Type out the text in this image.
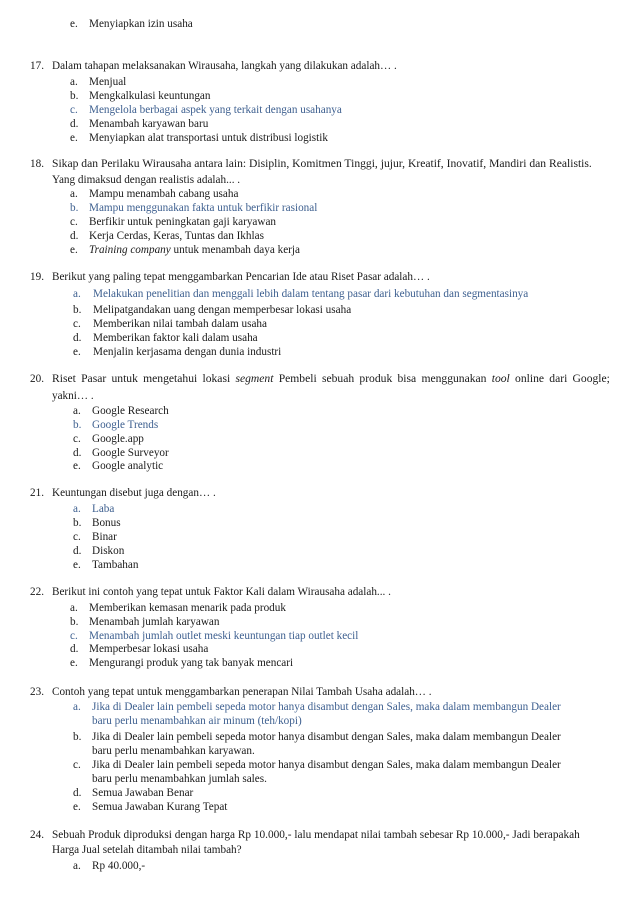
e. Menyiapkan izin usaha
17. Dalam tahapan melaksanakan Wirausaha, langkah yang dilakukan adalah… .
a. Menjual
b. Mengkalkulasi keuntungan
c. Mengelola berbagai aspek yang terkait dengan usahanya
d. Menambah karyawan baru
e. Menyiapkan alat transportasi untuk distribusi logistik
18. Sikap dan Perilaku Wirausaha antara lain: Disiplin, Komitmen Tinggi, jujur, Kreatif, Inovatif, Mandiri dan Realistis.
Yang dimaksud dengan realistis adalah... .
a. Mampu menambah cabang usaha
b. Mampu menggunakan fakta untuk berfikir rasional
c. Berfikir untuk peningkatan gaji karyawan
d. Kerja Cerdas, Keras, Tuntas dan Ikhlas
e. Training company untuk menambah daya kerja
19. Berikut yang paling tepat menggambarkan Pencarian Ide atau Riset Pasar adalah… .
a. Melakukan penelitian dan menggali lebih dalam tentang pasar dari kebutuhan dan segmentasinya
b. Melipatgandakan uang dengan memperbesar lokasi usaha
c. Memberikan nilai tambah dalam usaha
d. Memberikan faktor kali dalam usaha
e. Menjalin kerjasama dengan dunia industri
20. Riset Pasar untuk mengetahui lokasi segment Pembeli sebuah produk bisa menggunakan tool online dari Google;
yakni… .
a. Google Research
b. Google Trends
c. Google.app
d. Google Surveyor
e. Google analytic
21. Keuntungan disebut juga dengan… .
a. Laba
b. Bonus
c. Binar
d. Diskon
e. Tambahan
22. Berikut ini contoh yang tepat untuk Faktor Kali dalam Wirausaha adalah... .
a. Memberikan kemasan menarik pada produk
b. Menambah jumlah karyawan
c. Menambah jumlah outlet meski keuntungan tiap outlet kecil
d. Memperbesar lokasi usaha
e. Mengurangi produk yang tak banyak mencari
23. Contoh yang tepat untuk menggambarkan penerapan Nilai Tambah Usaha adalah… .
a. Jika di Dealer lain pembeli sepeda motor hanya disambut dengan Sales, maka dalam membangun Dealer
baru perlu menambahkan air minum (teh/kopi)
b. Jika di Dealer lain pembeli sepeda motor hanya disambut dengan Sales, maka dalam membangun Dealer
baru perlu menambahkan karyawan.
c. Jika di Dealer lain pembeli sepeda motor hanya disambut dengan Sales, maka dalam membangun Dealer
baru perlu menambahkan jumlah sales.
d. Semua Jawaban Benar
e. Semua Jawaban Kurang Tepat
24. Sebuah Produk diproduksi dengan harga Rp 10.000,- lalu mendapat nilai tambah sebesar Rp 10.000,- Jadi berapakah
Harga Jual setelah ditambah nilai tambah?
a. Rp 40.000,-
